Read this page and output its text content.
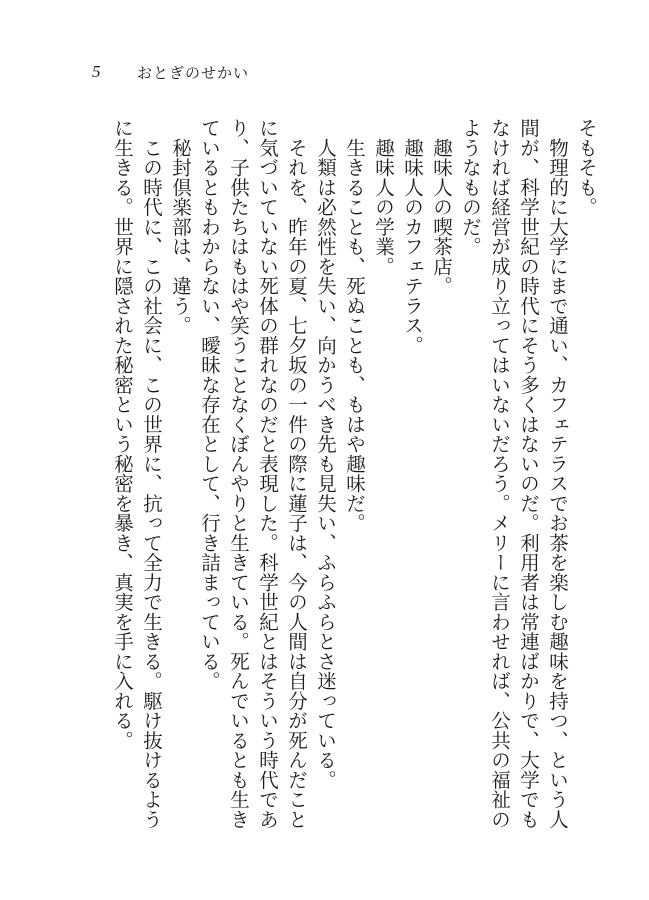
5 おとぎのせかい

そもそも。

　物理的に大学にまで通い、カフェテラスでお茶を楽しむ趣味を持つ、という人間が、科学世紀の時代にそう多くはないのだ。利用者は常連ばかりで、大学でもなければ経営が成り立ってはいないだろう。メリーに言わせれば、公共の福祉のようなものだ。

　趣味人の喫茶店。

　趣味人のカフェテラス。

　趣味人の学業。

　生きることも、死ぬことも、もはや趣味だ。

　人類は必然性を失い、向かうべき先も見失い、ふらふらとさ迷っている。

　それを、昨年の夏、七夕坂の一件の際に蓮子は、今の人間は自分が死んだことに気づいていない死体の群れなのだと表現した。科学世紀とはそういう時代であり、子供たちはもはや笑うことなくぼんやりと生きている。死んでいるとも生きているともわからない、曖昧な存在として、行き詰まっている。

　秘封倶楽部は、違う。

　この時代に、この社会に、この世界に、抗って全力で生きる。駆け抜けるように生きる。世界に隠された秘密という秘密を暴き、真実を手に入れる。
